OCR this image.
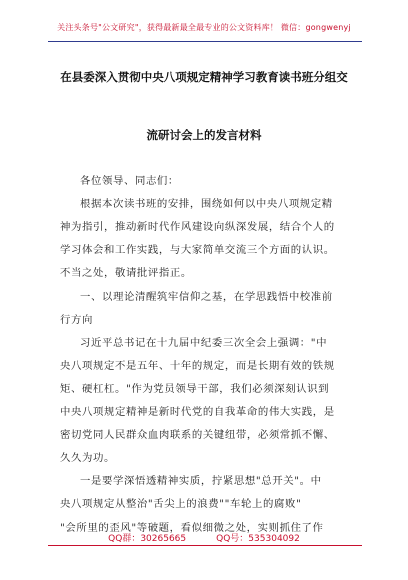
关注头条号"公文研究"，获得最新最全最专业的公文资料库！ 微信：gongwenyj
在县委深入贯彻中央八项规定精神学习教育读书班分组交
流研讨会上的发言材料
各位领导、同志们：
根据本次读书班的安排，围绕如何以中央八项规定精
神为指引，推动新时代作风建设向纵深发展，结合个人的
学习体会和工作实践，与大家简单交流三个方面的认识。
不当之处，敬请批评指正。
一、以理论清醒筑牢信仰之基，在学思践悟中校准前
行方向
习近平总书记在十九届中纪委三次全会上强调："中
央八项规定不是五年、十年的规定，而是长期有效的铁规
矩、硬杠杠。"作为党员领导干部，我们必须深刻认识到
中央八项规定精神是新时代党的自我革命的伟大实践，是
密切党同人民群众血肉联系的关键纽带，必须常抓不懈、
久久为功。
QQ群：30265665	QQ号：535304092
一是要学深悟透精神实质，拧紧思想"总开关"。中
央八项规定从整治"舌尖上的浪费""车轮上的腐败"
"会所里的歪风"等破题，看似细微之处，实则抓住了作
